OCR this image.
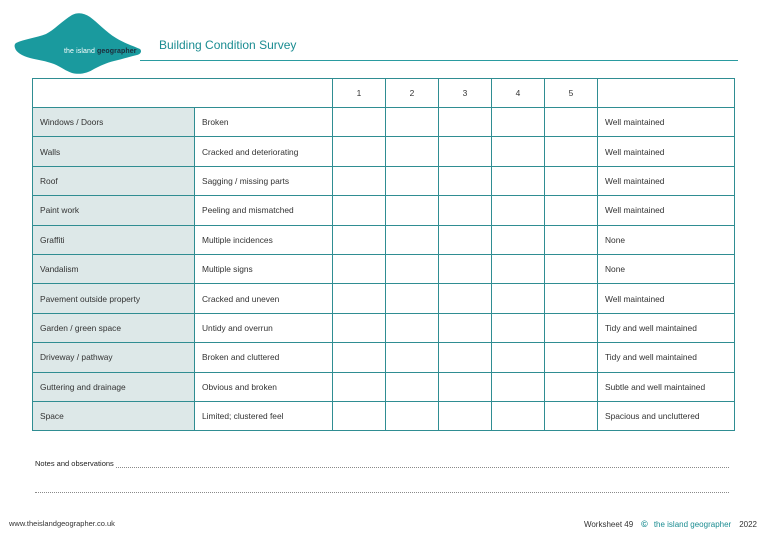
the island geographer Building Condition Survey
		1	2	3	4	5	
Windows / Doors	Broken						Well maintained
Walls	Cracked and deteriorating						Well maintained
Roof	Sagging / missing parts						Well maintained
Paint work	Peeling and mismatched						Well maintained
Graffiti	Multiple incidences						None
Vandalism	Multiple signs						None
Pavement outside property	Cracked and uneven						Well maintained
Garden / green space	Untidy and overrun						Tidy and well maintained
Driveway / pathway	Broken and cluttered						Tidy and well maintained
Guttering and drainage	Obvious and broken						Subtle and well maintained
Space	Limited; clustered feel						Spacious and uncluttered
Notes and observations
www.theislandgeographer.co.uk	Worksheet 49 © the island geographer 2022
